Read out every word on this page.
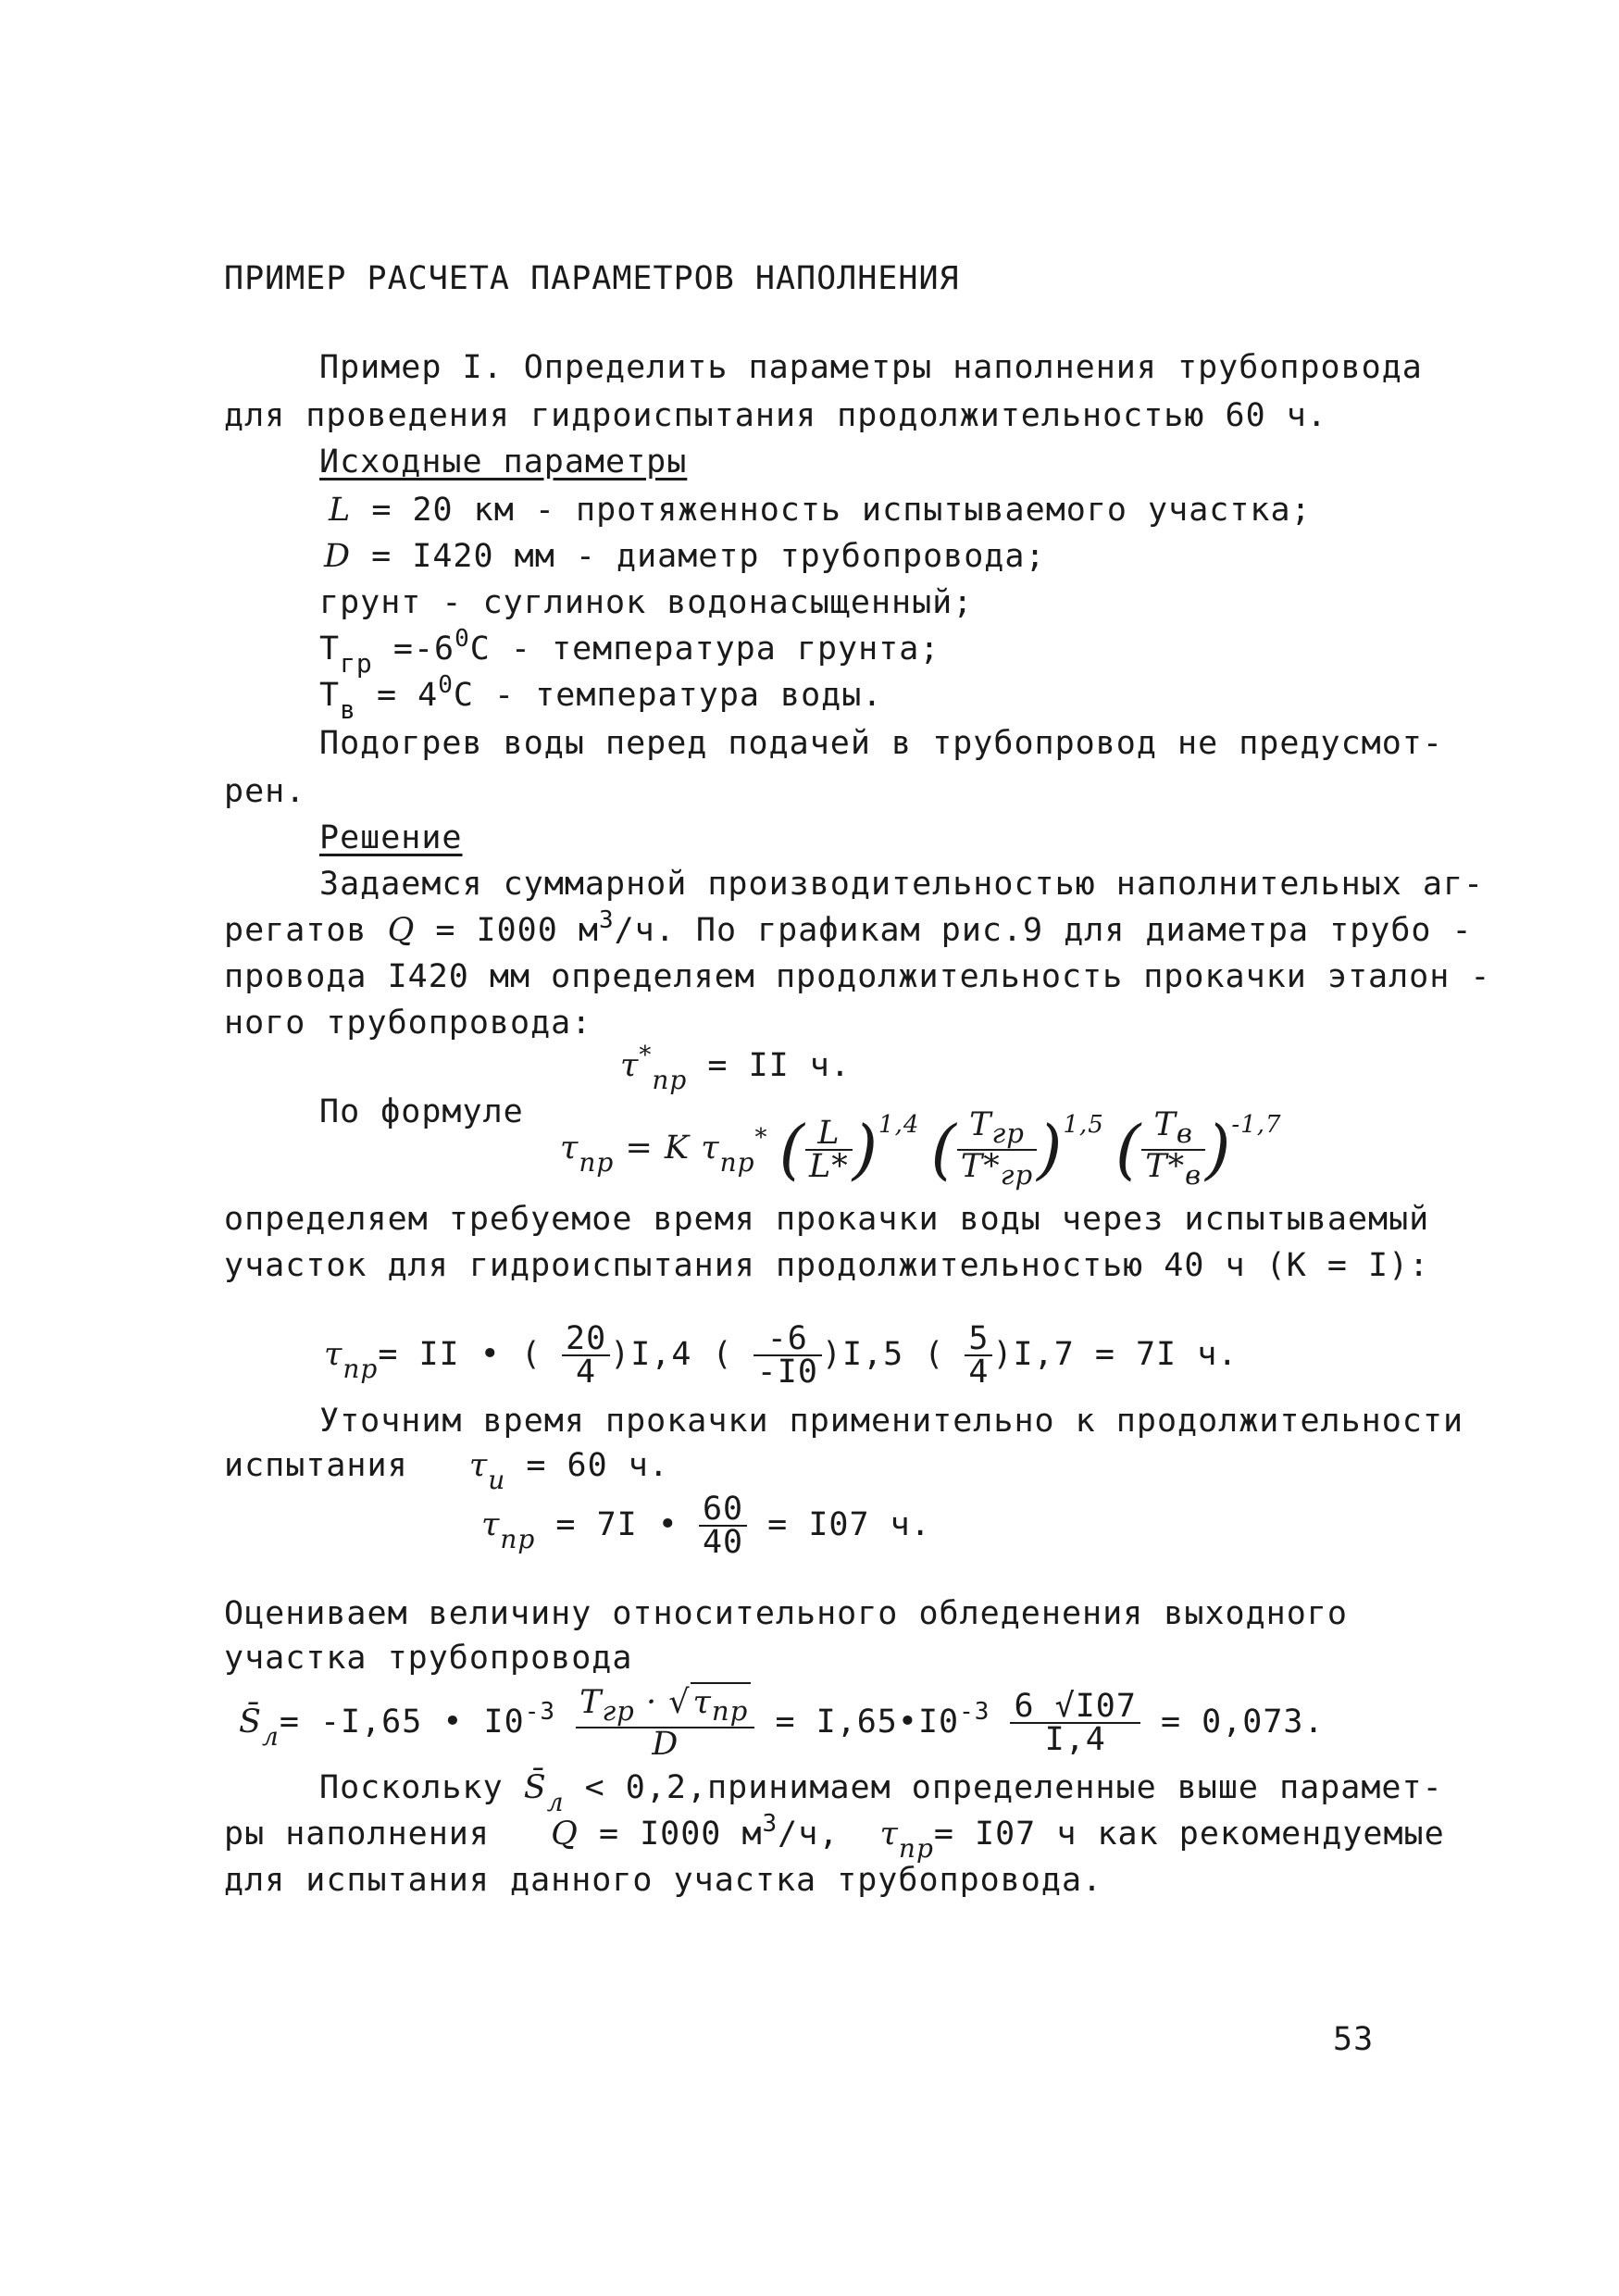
ПРИМЕР РАСЧЕТА ПАРАМЕТРОВ НАПОЛНЕНИЯ
Пример I. Определить параметры наполнения трубопровода
для проведения гидроиспытания продолжительностью 60 ч.
Исходные параметры
L = 20 км - протяженность испытываемого участка;
D = I420 мм - диаметр трубопровода;
грунт - суглинок водонасыщенный;
$T_{гр} =-6^0С$ - температура грунта;
$T_в = 4^0С$ - температура воды.
Подогрев воды перед подачей в трубопровод не предусмот-
рен.
Решение
Задаемся суммарной производительностью наполнительных аг-
регатов Q = I000 $м^3/ч$. По графикам рис.9 для диаметра трубо -
провода I420 мм определяем продолжительность прокачки эталон -
ного трубопровода:
$\tau^*_{пр}$ = II ч.
По формуле
$\tau_{пр} = K$ $\tau_{пр}^*$ ( $\frac{L}{L*} )^{1,4}$ ( $\frac{T_{гр}}{T*_{гр}} )^{1,5}$ ( $\frac{T_в}{T*_в} )^{-1,7}$
определяем требуемое время прокачки воды через испытываемый
участок для гидроиспытания продолжительностью 40 ч (К = I):
$\tau_{пр}=$ II • ( $\frac{20}{4} )I,4$ ( $\frac{-6}{-I0} )I,5$ ( $\frac{5}{4} )I,7 = 7I$ ч.
Уточним время прокачки применительно к продолжительности
испытания $\tau_и = 60$ ч.
$\tau_{пр} = 7I$ • $\frac{60}{40} = I07$ ч.
Оцениваем величину относительного обледенения выходного
участка трубопровода
$S̄_л= -I,65$ • $I0^{-3} \frac{T_{гр} \cdot √\tau_{пр}}{D}$ = $I,65•I0^{-3} \frac{6 √I07}{I,4} = 0,073$.
Поскольку $S̄_л$ < 0,2,принимаем определенные выше парамет-
ры наполнения Q = I000 $м^3/ч$, $\tau_{пр}= I07$ ч как рекомендуемые
для испытания данного участка трубопровода.
53
